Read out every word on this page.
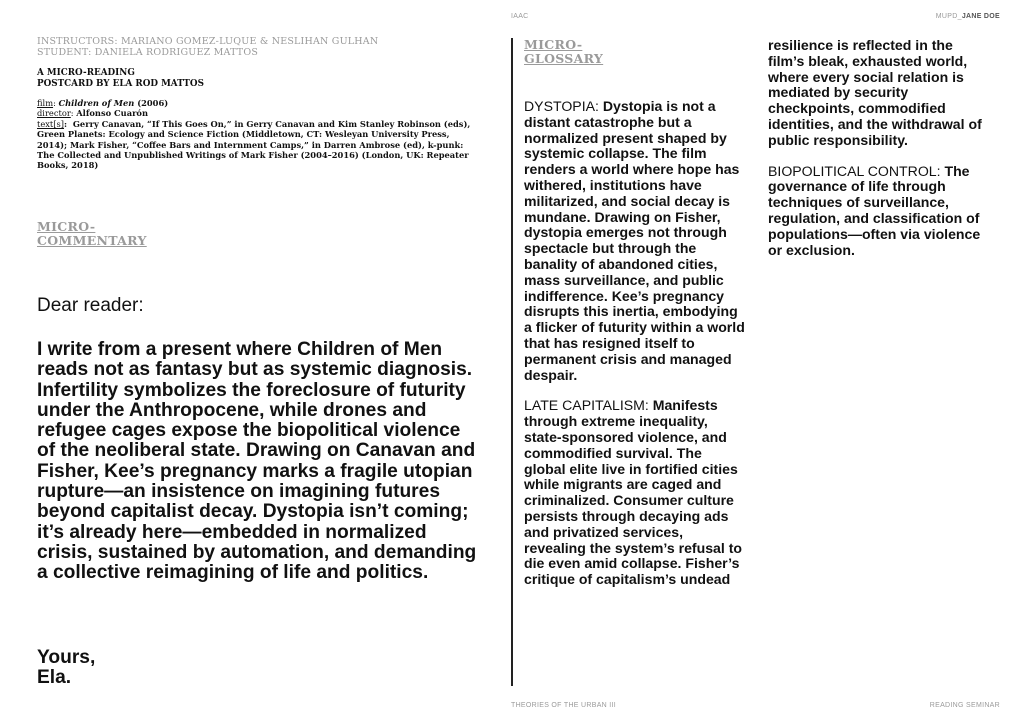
IAAC	MUPD_JANE DOE
INSTRUCTORS: MARIANO GOMEZ-LUQUE & NESLIHAN GULHAN
STUDENT: DANIELA RODRIGUEZ MATTOS
A MICRO-READING
POSTCARD BY ELA ROD MATTOS
film: Children of Men (2006)
director: Alfonso Cuarón
text[s]:  Gerry Canavan, “If This Goes On,” in Gerry Canavan and Kim Stanley Robinson (eds), Green Planets: Ecology and Science Fiction (Middletown, CT: Wesleyan University Press, 2014); Mark Fisher, “Coffee Bars and Internment Camps,” in Darren Ambrose (ed), k-punk: The Collected and Unpublished Writings of Mark Fisher (2004–2016) (London, UK: Repeater Books, 2018)
MICRO-
COMMENTARY
Dear reader:
I write from a present where Children of Men reads not as fantasy but as systemic diagnosis. Infertility symbolizes the foreclosure of futurity under the Anthropocene, while drones and refugee cages expose the biopolitical violence of the neoliberal state. Drawing on Canavan and Fisher, Kee’s pregnancy marks a fragile utopian rupture—an insistence on imagining futures beyond capitalist decay. Dystopia isn’t coming; it’s already here—embedded in normalized crisis, sustained by automation, and demanding a collective reimagining of life and politics.
Yours,
Ela.
MICRO-
GLOSSARY

DYSTOPIA: Dystopia is not a distant catastrophe but a normalized present shaped by systemic collapse. The film renders a world where hope has withered, institutions have militarized, and social decay is mundane. Drawing on Fisher, dystopia emerges not through spectacle but through the banality of abandoned cities, mass surveillance, and public indifference. Kee’s pregnancy disrupts this inertia, embodying a flicker of futurity within a world that has resigned itself to permanent crisis and managed despair.

LATE CAPITALISM: Manifests through extreme inequality, state-sponsored violence, and commodified survival. The global elite live in fortified cities while migrants are caged and criminalized. Consumer culture persists through decaying ads and privatized services, revealing the system’s refusal to die even amid collapse. Fisher’s critique of capitalism’s undead

resilience is reflected in the film’s bleak, exhausted world, where every social relation is mediated by security checkpoints, commodified identities, and the withdrawal of public responsibility.

BIOPOLITICAL CONTROL: The governance of life through techniques of surveillance, regulation, and classification of populations—often via violence or exclusion.

THEORIES OF THE URBAN III	READING SEMINAR
